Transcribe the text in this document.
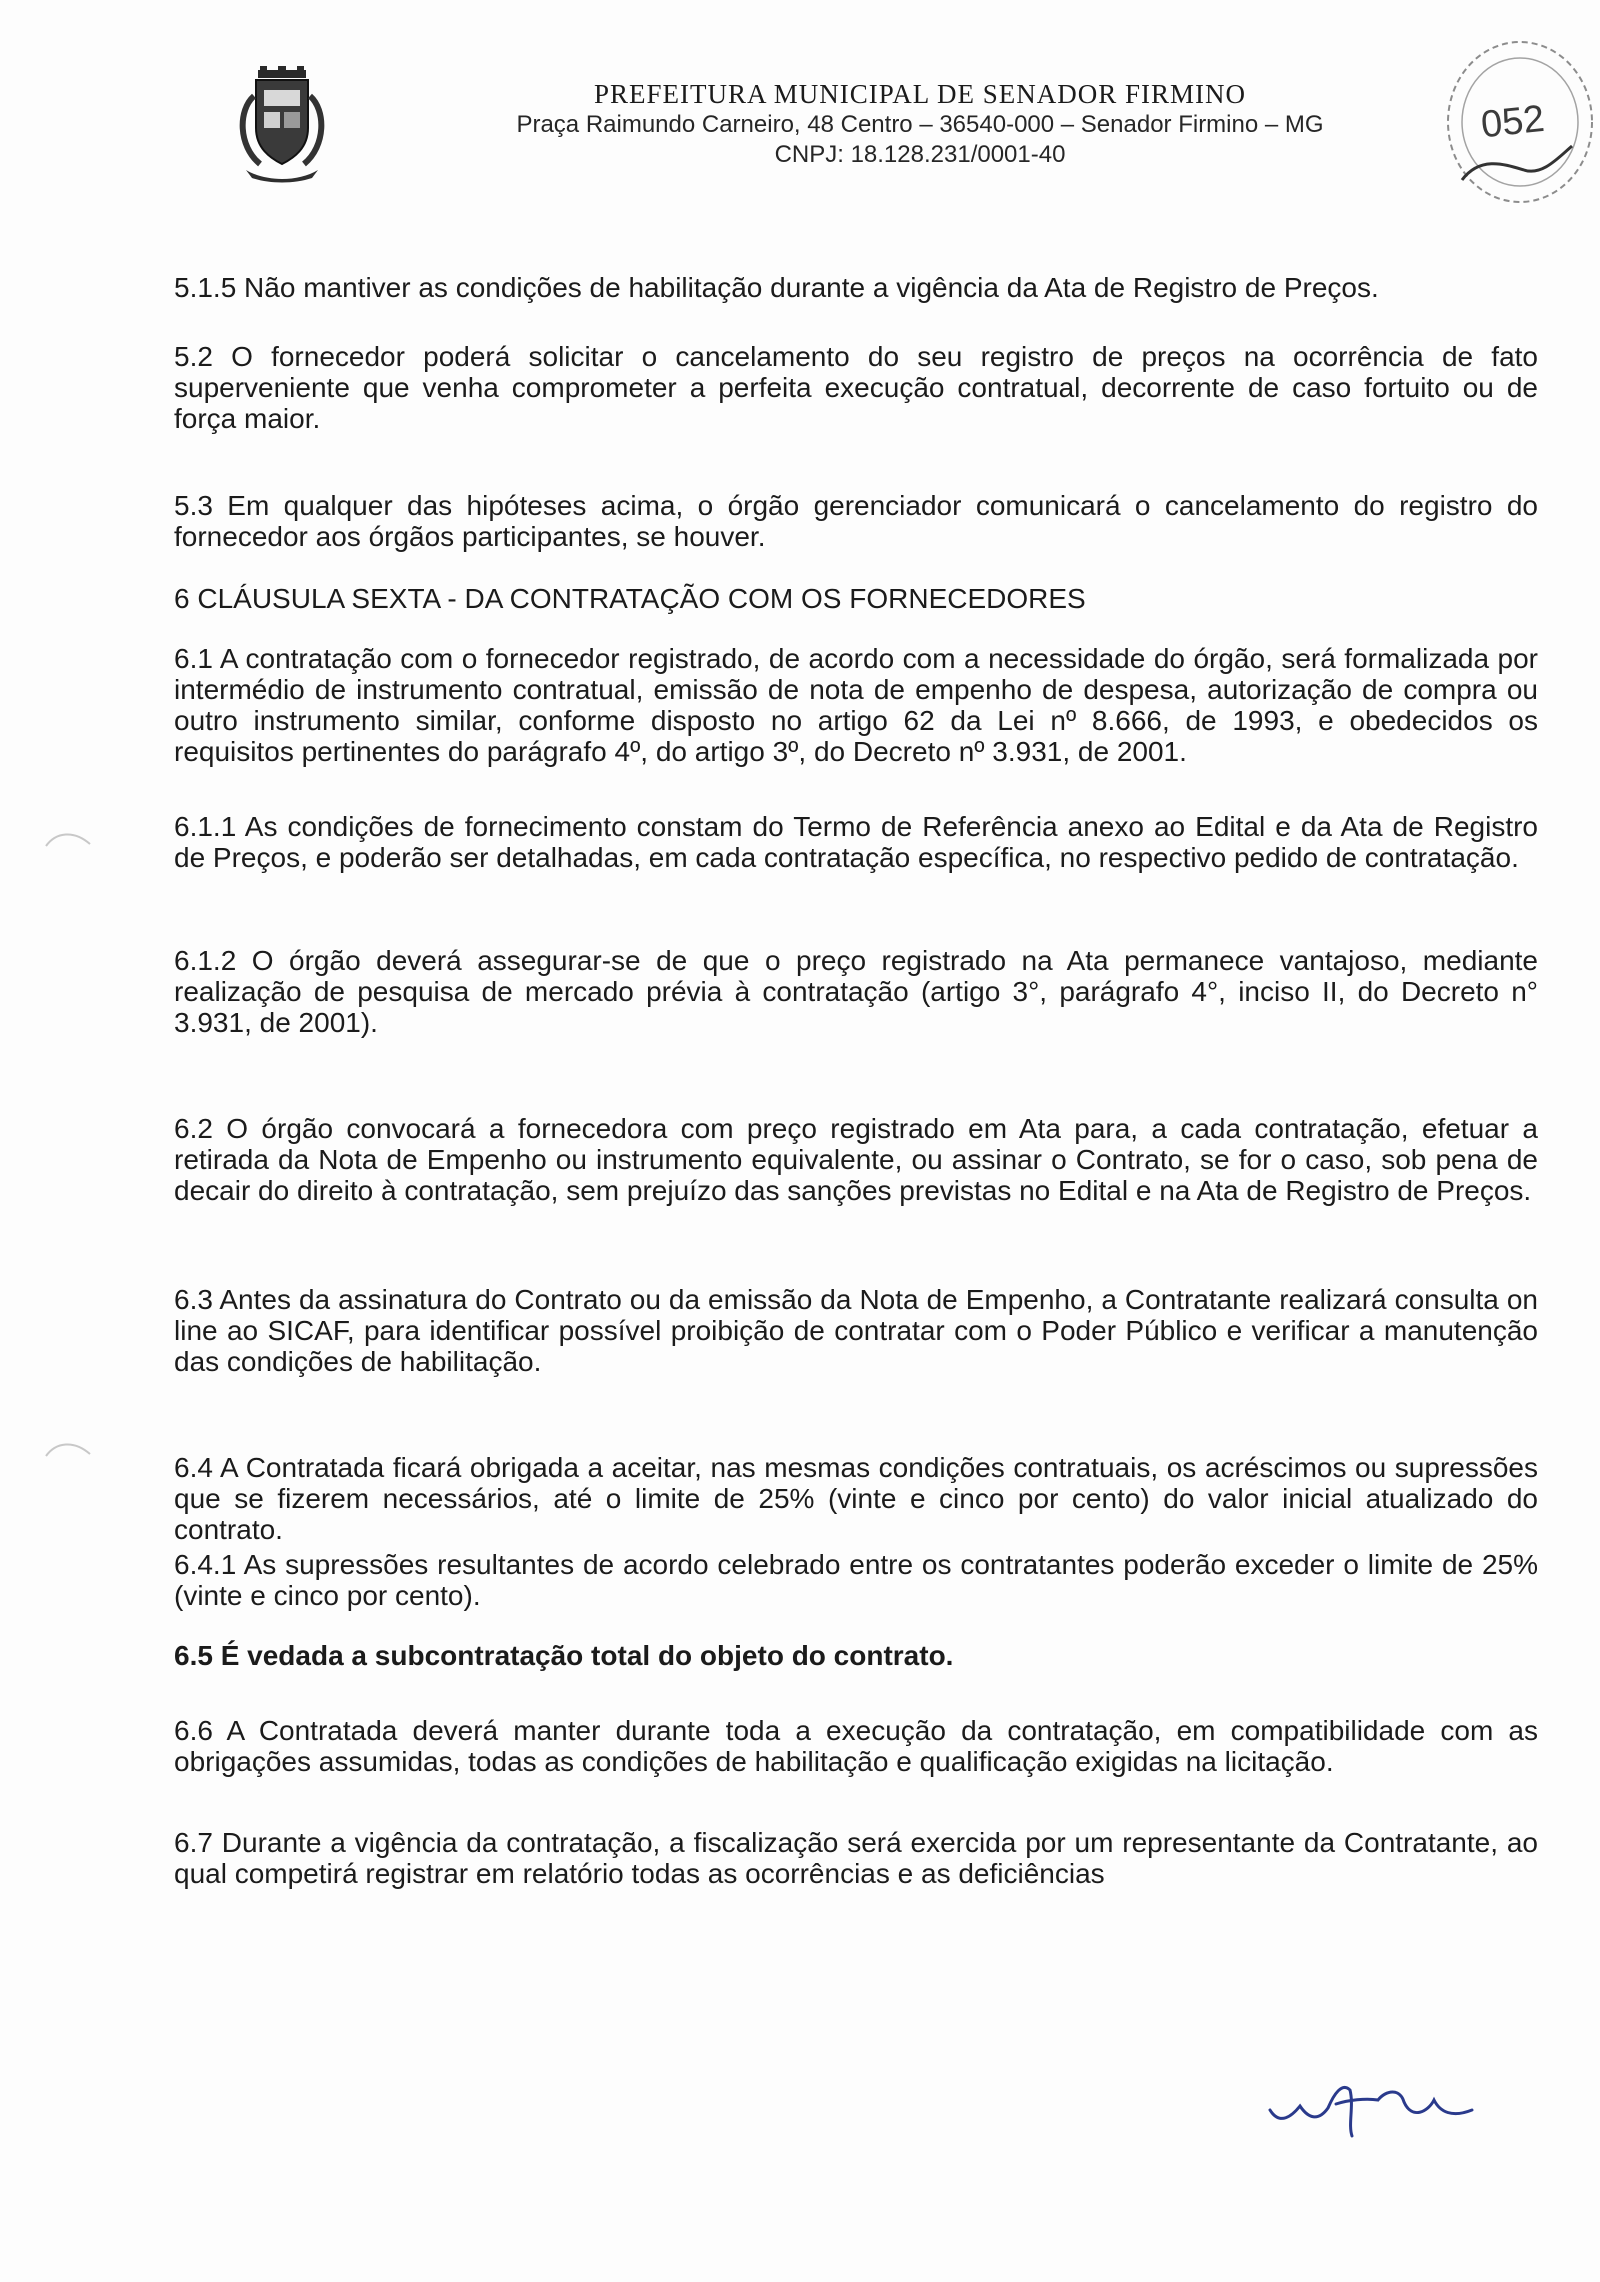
PREFEITURA MUNICIPAL DE SENADOR FIRMINO
Praça Raimundo Carneiro, 48 Centro – 36540-000 – Senador Firmino – MG
CNPJ: 18.128.231/0001-40
052

5.1.5 Não mantiver as condições de habilitação durante a vigência da Ata de Registro de Preços.

5.2 O fornecedor poderá solicitar o cancelamento do seu registro de preços na ocorrência de fato superveniente que venha comprometer a perfeita execução contratual, decorrente de caso fortuito ou de força maior.

5.3 Em qualquer das hipóteses acima, o órgão gerenciador comunicará o cancelamento do registro do fornecedor aos órgãos participantes, se houver.

6 CLÁUSULA SEXTA - DA CONTRATAÇÃO COM OS FORNECEDORES

6.1 A contratação com o fornecedor registrado, de acordo com a necessidade do órgão, será formalizada por intermédio de instrumento contratual, emissão de nota de empenho de despesa, autorização de compra ou outro instrumento similar, conforme disposto no artigo 62 da Lei nº 8.666, de 1993, e obedecidos os requisitos pertinentes do parágrafo 4º, do artigo 3º, do Decreto nº 3.931, de 2001.

6.1.1 As condições de fornecimento constam do Termo de Referência anexo ao Edital e da Ata de Registro de Preços, e poderão ser detalhadas, em cada contratação específica, no respectivo pedido de contratação.

6.1.2 O órgão deverá assegurar-se de que o preço registrado na Ata permanece vantajoso, mediante realização de pesquisa de mercado prévia à contratação (artigo 3°, parágrafo 4°, inciso II, do Decreto n° 3.931, de 2001).

6.2 O órgão convocará a fornecedora com preço registrado em Ata para, a cada contratação, efetuar a retirada da Nota de Empenho ou instrumento equivalente, ou assinar o Contrato, se for o caso, sob pena de decair do direito à contratação, sem prejuízo das sanções previstas no Edital e na Ata de Registro de Preços.

6.3 Antes da assinatura do Contrato ou da emissão da Nota de Empenho, a Contratante realizará consulta on line ao SICAF, para identificar possível proibição de contratar com o Poder Público e verificar a manutenção das condições de habilitação.

6.4 A Contratada ficará obrigada a aceitar, nas mesmas condições contratuais, os acréscimos ou supressões que se fizerem necessários, até o limite de 25% (vinte e cinco por cento) do valor inicial atualizado do contrato.

6.4.1 As supressões resultantes de acordo celebrado entre os contratantes poderão exceder o limite de 25% (vinte e cinco por cento).

6.5 É vedada a subcontratação total do objeto do contrato.

6.6 A Contratada deverá manter durante toda a execução da contratação, em compatibilidade com as obrigações assumidas, todas as condições de habilitação e qualificação exigidas na licitação.

6.7 Durante a vigência da contratação, a fiscalização será exercida por um representante da Contratante, ao qual competirá registrar em relatório todas as ocorrências e as deficiências
